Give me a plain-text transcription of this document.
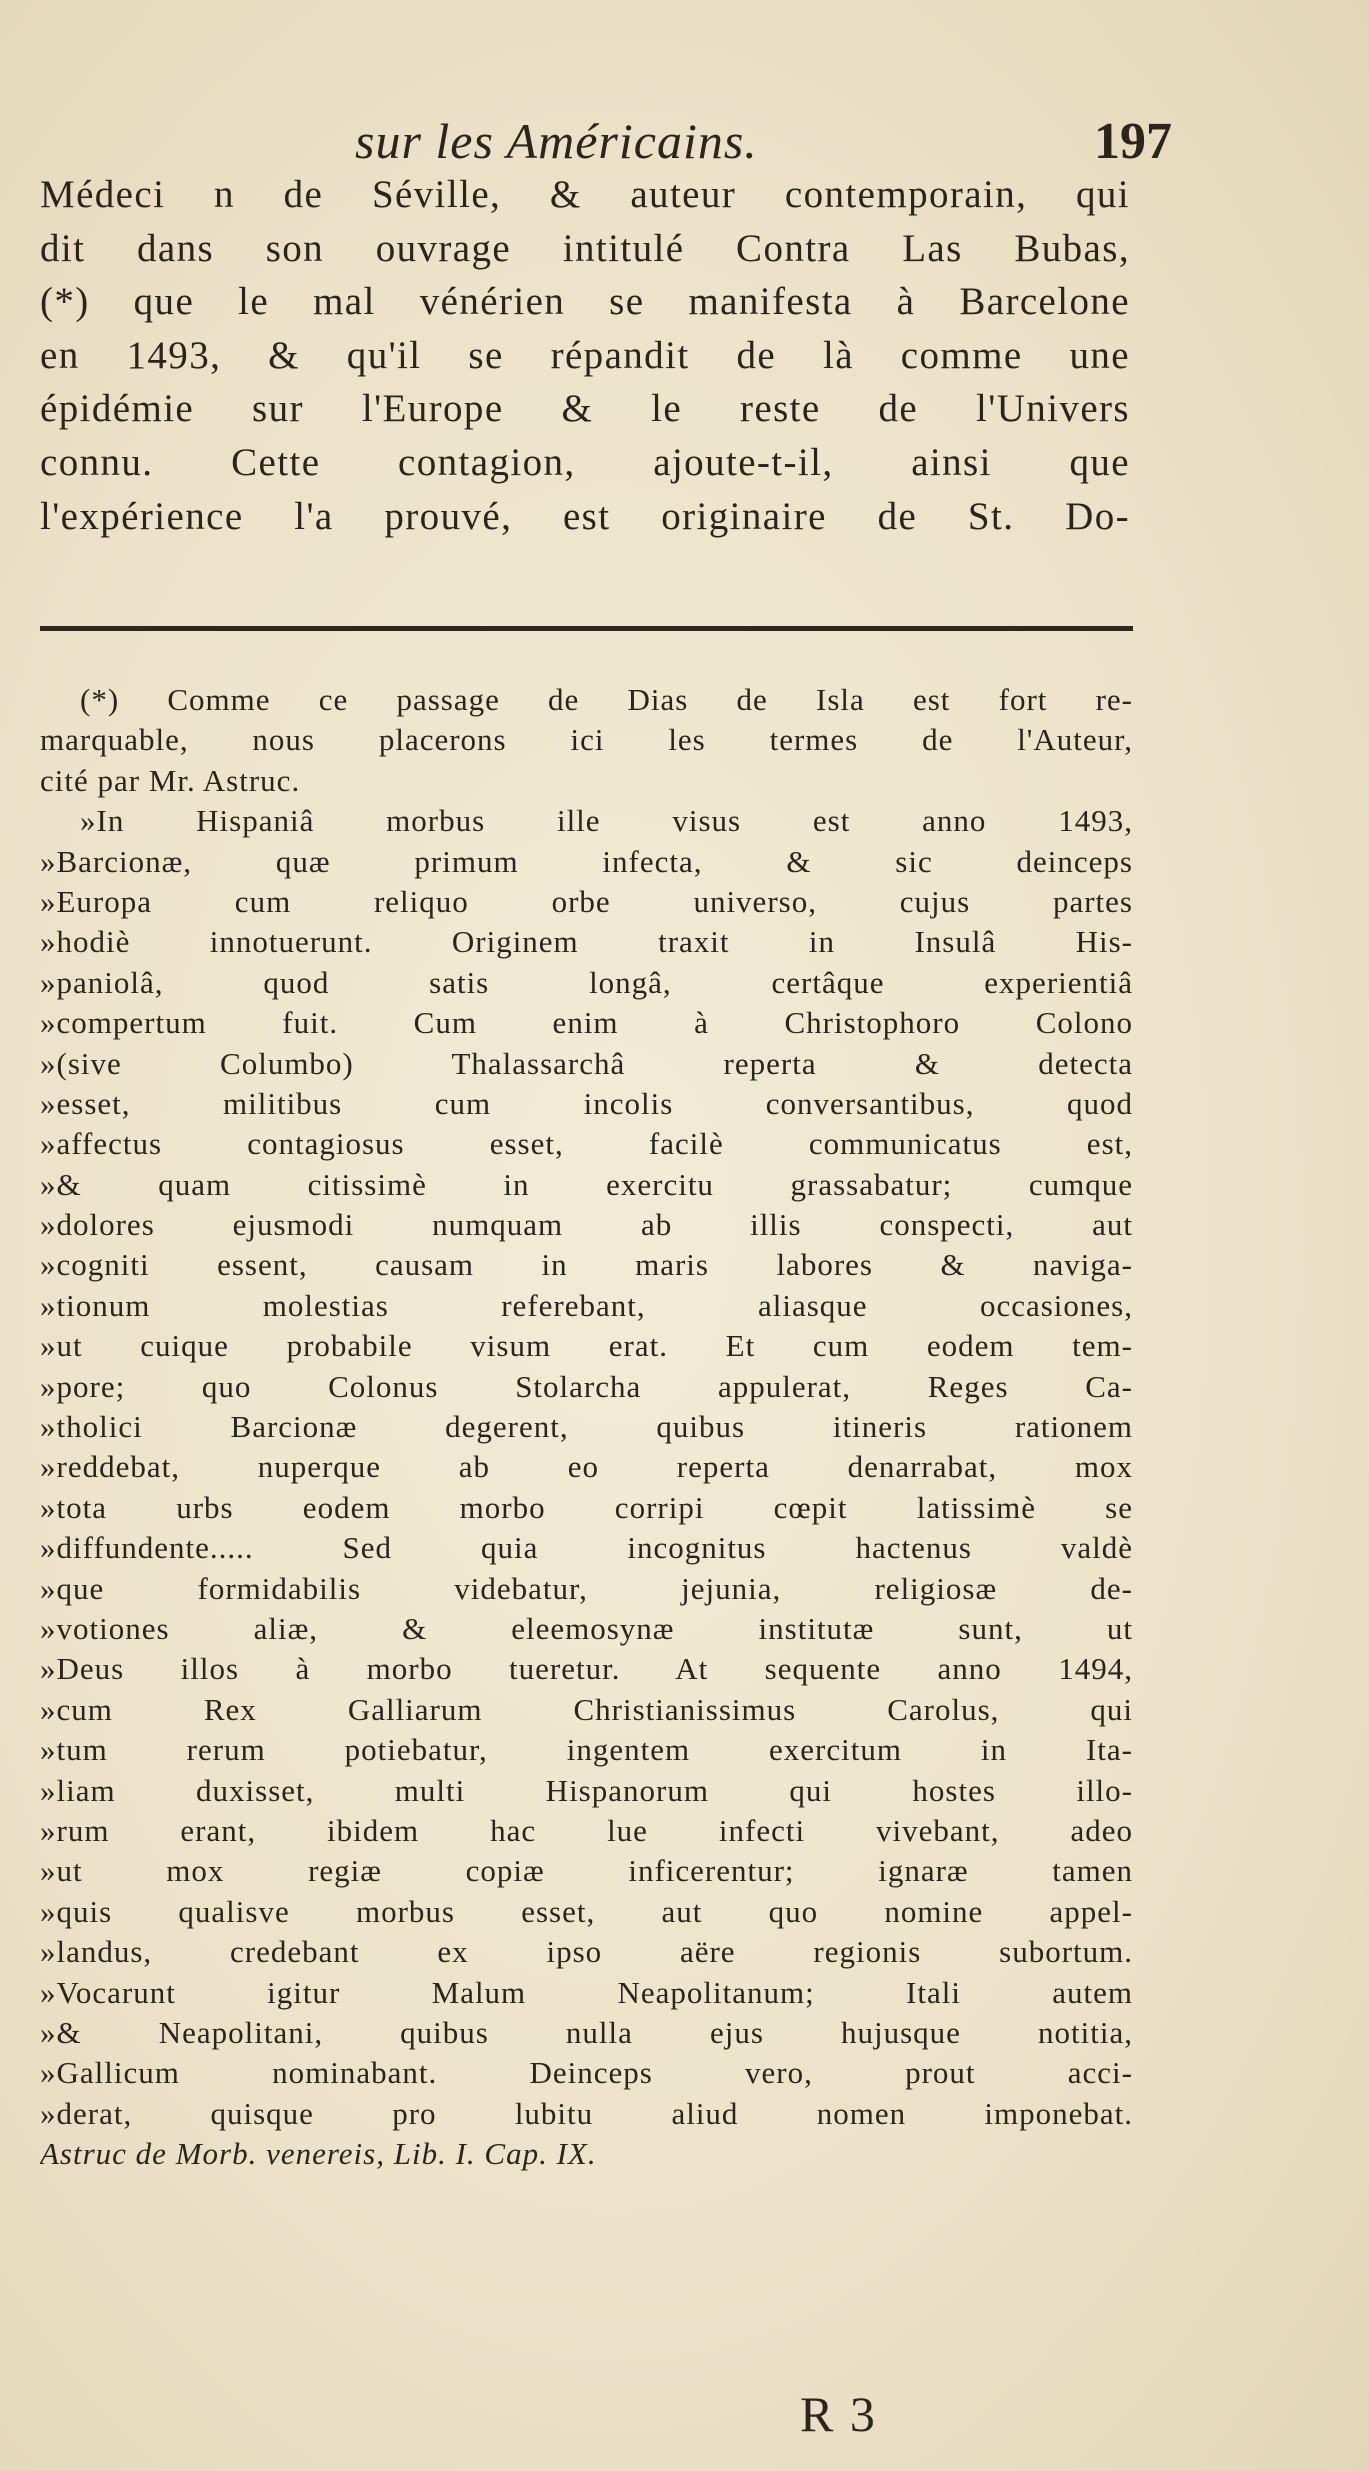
sur les Américains.	197
Médeci n de Séville, & auteur contemporain, qui
dit dans son ouvrage intitulé Contra Las Bubas,
(*) que le mal vénérien se manifesta à Barcelone
en 1493, & qu'il se répandit de là comme une
épidémie sur l'Europe & le reste de l'Univers
connu. Cette contagion, ajoute-t-il, ainsi que
l'expérience l'a prouvé, est originaire de St. Do-
(*) Comme ce passage de Dias de Isla est fort re-
marquable, nous placerons ici les termes de l'Auteur,
cité par Mr. Astruc.
»In Hispaniâ morbus ille visus est anno 1493,
»Barcionæ, quæ primum infecta, & sic deinceps
»Europa cum reliquo orbe universo, cujus partes
»hodiè innotuerunt. Originem traxit in Insulâ His-
»paniolâ, quod satis longâ, certâque experientiâ
»compertum fuit. Cum enim à Christophoro Colono
»(sive Columbo) Thalassarchâ reperta & detecta
»esset, militibus cum incolis conversantibus, quod
»affectus contagiosus esset, facilè communicatus est,
»& quam citissimè in exercitu grassabatur; cumque
»dolores ejusmodi numquam ab illis conspecti, aut
»cogniti essent, causam in maris labores & naviga-
»tionum molestias referebant, aliasque occasiones,
»ut cuique probabile visum erat. Et cum eodem tem-
»pore; quo Colonus Stolarcha appulerat, Reges Ca-
»tholici Barcionæ degerent, quibus itineris rationem
»reddebat, nuperque ab eo reperta denarrabat, mox
»tota urbs eodem morbo corripi cœpit latissimè se
»diffundente..... Sed quia incognitus hactenus valdè
»que formidabilis videbatur, jejunia, religiosæ de-
»votiones aliæ, & eleemosynæ institutæ sunt, ut
»Deus illos à morbo tueretur. At sequente anno 1494,
»cum Rex Galliarum Christianissimus Carolus, qui
»tum rerum potiebatur, ingentem exercitum in Ita-
»liam duxisset, multi Hispanorum qui hostes illo-
»rum erant, ibidem hac lue infecti vivebant, adeo
»ut mox regiæ copiæ inficerentur; ignaræ tamen
»quis qualisve morbus esset, aut quo nomine appel-
»landus, credebant ex ipso aëre regionis subortum.
»Vocarunt igitur Malum Neapolitanum; Itali autem
»& Neapolitani, quibus nulla ejus hujusque notitia,
»Gallicum nominabant. Deinceps vero, prout acci-
»derat, quisque pro lubitu aliud nomen imponebat.
Astruc de Morb. venereis, Lib. I. Cap. IX.
R 3
